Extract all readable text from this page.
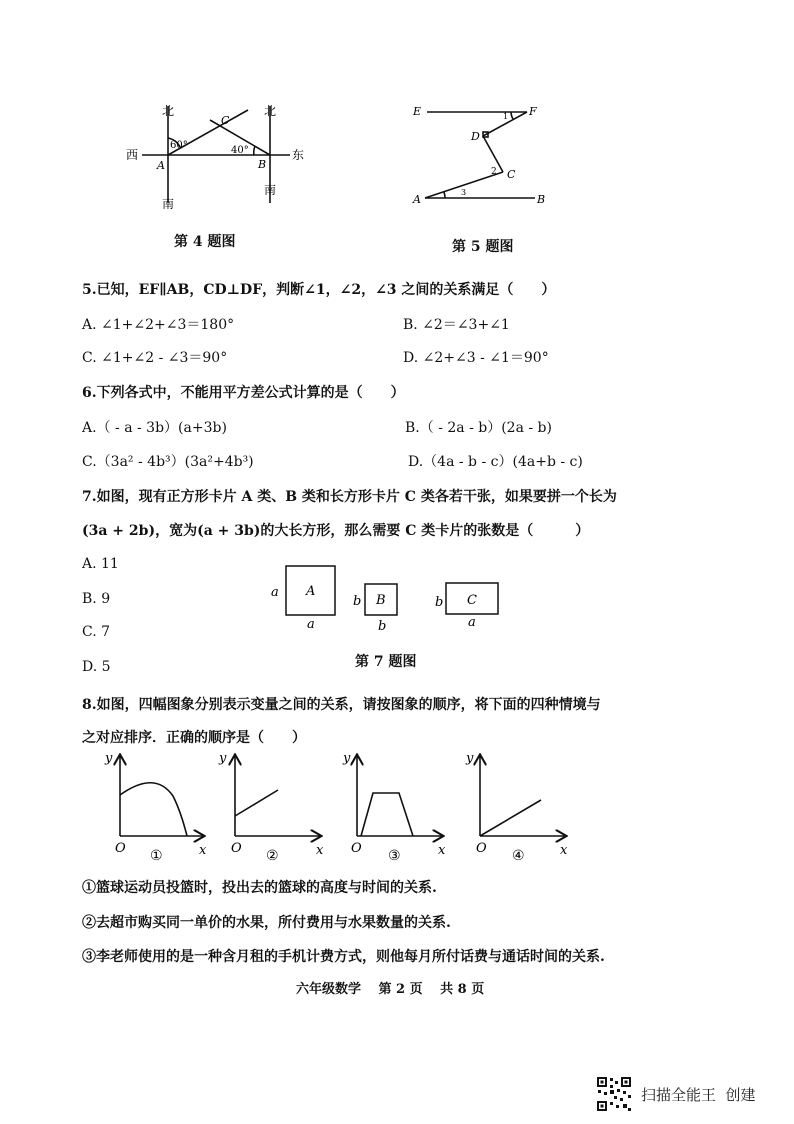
北	北
西	东
南
南
A	B
C
60°	40°
第 4 题图
E	F
D
C
A	B
1
2
3
第 5 题图
5.已知，EF∥AB，CD⊥DF，判断∠1，∠2，∠3 之间的关系满足（　　）
A. ∠1+∠2+∠3＝180°	B. ∠2＝∠3+∠1
C. ∠1+∠2 - ∠3＝90°	D. ∠2+∠3 - ∠1＝90°
6.下列各式中，不能用平方差公式计算的是（　　）
A.（ - a - 3b）(a+3b)	B.（ - 2a - b）(2a - b)
C.（3a² - 4b³）(3a²+4b³)	D.（4a - b - c）(4a+b - c)
7.如图，现有正方形卡片 A 类、B 类和长方形卡片 C 类各若干张，如果要拼一个长为
(3a + 2b)，宽为(a + 3b)的大长方形，那么需要 C 类卡片的张数是（　　　）
A. 11
B. 9
C. 7
D. 5
A
a
a
B
b
b
C
b
a
第 7 题图
8.如图，四幅图象分别表示变量之间的关系，请按图象的顺序，将下面的四种情境与
之对应排序．正确的顺序是（　　）
y
O	x
y
O	x
y
O	x
y
O	x
①	②	③	④
①篮球运动员投篮时，投出去的篮球的高度与时间的关系.
②去超市购买同一单价的水果，所付费用与水果数量的关系.
③李老师使用的是一种含月租的手机计费方式，则他每月所付话费与通话时间的关系.
六年级数学　 第 2 页　 共 8 页
扫描全能王  创建
